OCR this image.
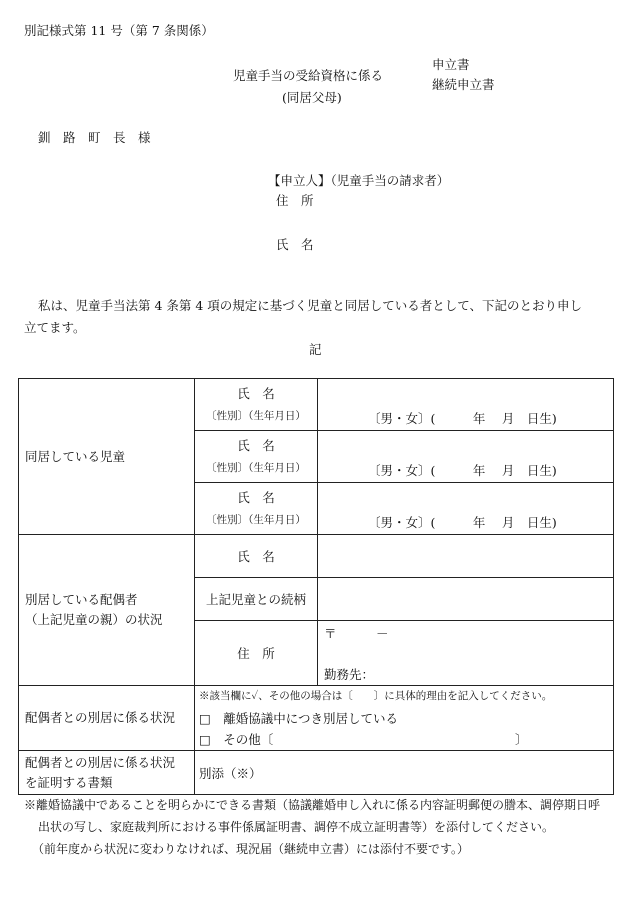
別記様式第 11 号（第 7 条関係）
児童手当の受給資格に係る
(同居父母)
申立書
継続申立書
釧　路　町　長　様
【申立人】（児童手当の請求者）
住　所
氏　名
私は、児童手当法第 4 条第 4 項の規定に基づく児童と同居している者として、下記のとおり申し
立てます。
記
同居している児童	氏　名
〔性別〕（生年月日）	〔男・女〕(　　　年　 月　日生)

	氏　名
〔性別〕（生年月日）	〔男・女〕(　　　年　 月　日生)

	氏　名
〔性別〕（生年月日）	〔男・女〕(　　　年　 月　日生)

別居している配偶者
（上記児童の親）の状況	氏　名	
	上記児童との続柄	
	住　所	〒 －
勤務先：

配偶者との別居に係る状況	※該当欄に✓、その他の場合は〔　　〕に具体的理由を記入してください。
□　離婚協議中につき別居している
□　その他〔 〕	

配偶者との別居に係る状況
を証明する書類	別添（※）	
※離婚協議中であることを明らかにできる書類（協議離婚申し入れに係る内容証明郵便の謄本、調停期日呼
出状の写し、家庭裁判所における事件係属証明書、調停不成立証明書等）を添付してください。
（前年度から状況に変わりなければ、現況届（継続申立書）には添付不要です。）
